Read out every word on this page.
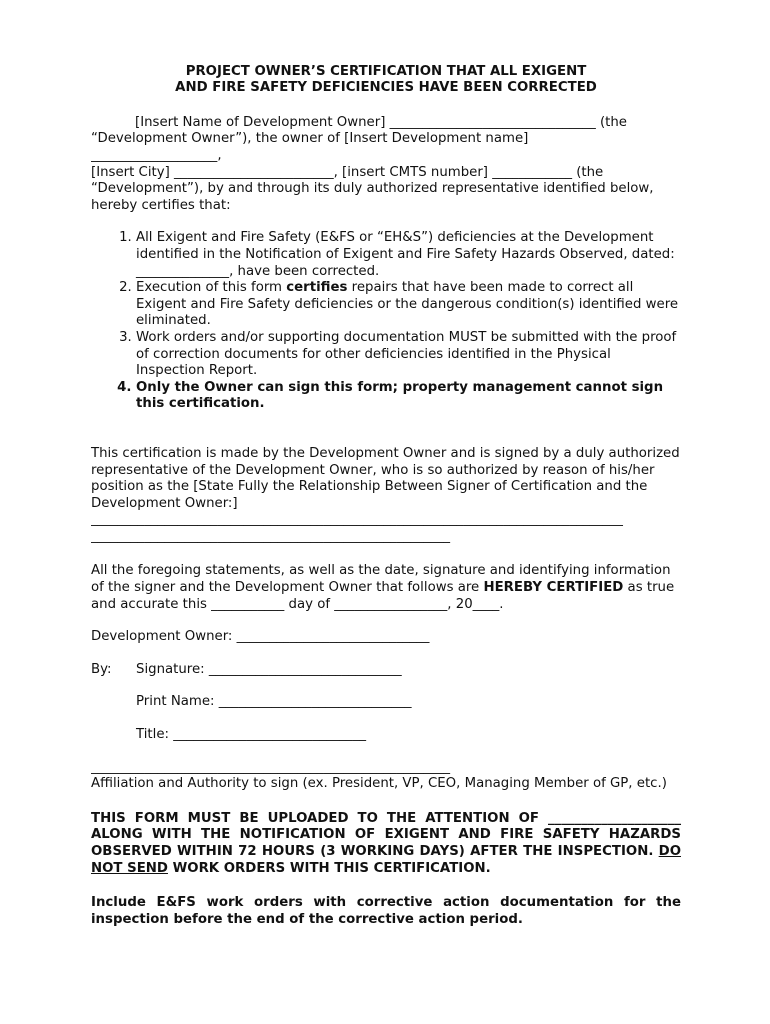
PROJECT OWNER’S CERTIFICATION THAT ALL EXIGENT
AND FIRE SAFETY DEFICIENCIES HAVE BEEN CORRECTED
[Insert Name of Development Owner] _______________________________ (the
“Development Owner”), the owner of [Insert Development name]
___________________,
[Insert City] ________________________, [insert CMTS number] ____________ (the
“Development”), by and through its duly authorized representative identified below,
hereby certifies that:
1. All Exigent and Fire Safety (E&FS or “EH&S”) deficiencies at the Development identified in the Notification of Exigent and Fire Safety Hazards Observed, dated: ______________, have been corrected.
2. Execution of this form certifies repairs that have been made to correct all Exigent and Fire Safety deficiencies or the dangerous condition(s) identified were eliminated.
3. Work orders and/or supporting documentation MUST be submitted with the proof of correction documents for other deficiencies identified in the Physical Inspection Report.
4. Only the Owner can sign this form; property management cannot sign this certification.
This certification is made by the Development Owner and is signed by a duly authorized representative of the Development Owner, who is so authorized by reason of his/her position as the [State Fully the Relationship Between Signer of Certification and the Development Owner:]
________________________________________________________________________________
______________________________________________________
All the foregoing statements, as well as the date, signature and identifying information of the signer and the Development Owner that follows are HEREBY CERTIFIED as true and accurate this ___________ day of _________________, 20____.
Development Owner: _____________________________
By: Signature: _____________________________
Print Name: _____________________________
Title: _____________________________
______________________________________________________
Affiliation and Authority to sign (ex. President, VP, CEO, Managing Member of GP, etc.)
THIS FORM MUST BE UPLOADED TO THE ATTENTION OF ____________________ ALONG WITH THE NOTIFICATION OF EXIGENT AND FIRE SAFETY HAZARDS OBSERVED WITHIN 72 HOURS (3 WORKING DAYS) AFTER THE INSPECTION. DO NOT SEND WORK ORDERS WITH THIS CERTIFICATION.
Include E&FS work orders with corrective action documentation for the inspection before the end of the corrective action period.
